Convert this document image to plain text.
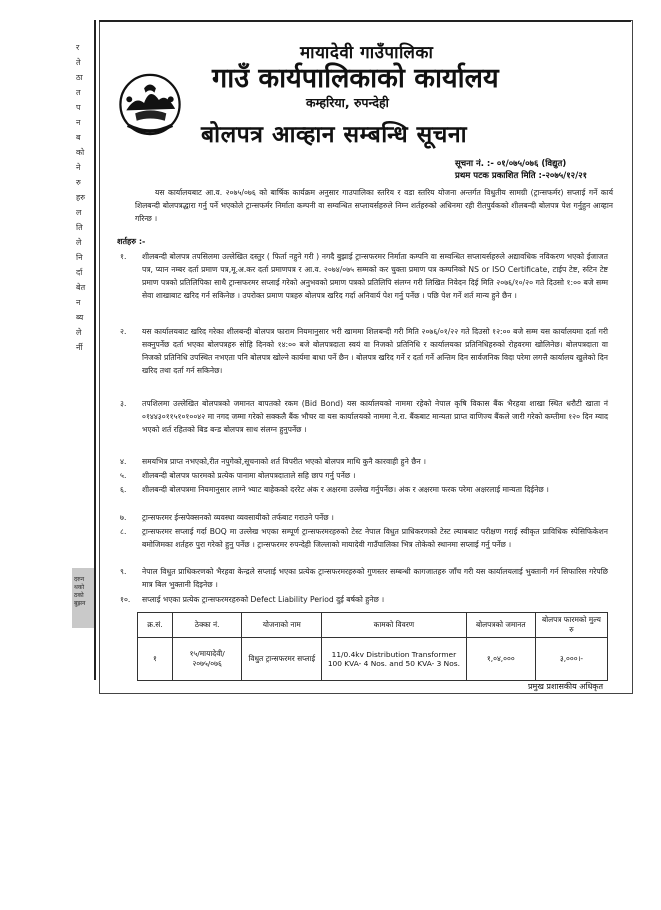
र
ते
ठा
त
प
न
ब
को
ने
रु
हरु
ल
ति
ले
नि
र्दा
बेत
न
ब्य
ले
र्नी
दरुन
थको
ठको
बुझन
मायादेवी गाउँपालिका
गाउँ कार्यपालिकाको कार्यालय
कम्हरिया, रुपन्देही
बोलपत्र आव्हान सम्बन्धि सूचना
सूचना नं. :- ०१/०७५/०७६ (विद्युत)
प्रथम पटक प्रकाशित मिति :-२०७५/१२/२१
यस कार्यालयबाट आ.व. २०७५/०७६ को बार्षिक कार्यक्रम अनुसार गाउपालिका स्तरिय र वडा स्तरिय योजना अन्तर्गत विधुतीय सामग्री (ट्रान्सफर्मर) सप्लाई गर्ने कार्य शिलबन्दी बोलपत्रद्धारा गर्नु पर्ने भएकोले ट्रान्सफर्मर निर्माता कम्पनी वा सम्वन्धित सप्लायर्सहरुले निम्न शर्तहरुको अधिनमा रही रीतपुर्वकको शीलबन्दी बोलपत्र पेश गर्नुहुन आव्हान गरिन्छ ।
शर्तहरु :-
१.	शीलबन्दी बोलपत्र तपसिलमा उल्लेखित दस्तुर ( फिर्ता नहुने गरी ) नगदै बुझाई ट्रान्सफरमर निर्माता कम्पनि वा सम्वन्धित सप्लायर्सहरुले अद्यावधिक नविकरण भएको ईजाजत पत्र, प्यान नम्बर दर्ता प्रमाण पत्र,मू.अ.कर दर्ता प्रमाणपत्र र आ.व. २०७४/०७५ सम्मको कर चुक्ता प्रमाण पत्र कम्पनिको NS or ISO Certificate, टाईप टेष्ट, रुटिन टेष्ट प्रमाण पत्रको प्रतिलिपिका साथै ट्रान्सफरमर सप्लाई गरेको अनुभवको प्रमाण पत्रको प्रतिलिपि संलग्न गरी लिखित निवेदन दिई मिति २०७६/१०/२० गते दिउसो १:०० बजे सम्म सेवा शाखाबाट खरिद गर्न सकिनेछ । उपरोक्त प्रमाण पत्रहरु बोलपत्र खरिद गर्दा अनिवार्य पेश गर्नु पर्नेछ । पछि पेश गर्ने शर्त मान्य हुने छैन ।
२.	यस कार्यालयबाट खरिद गरेका शीलबन्दी बोलपत्र फाराम नियमानुसार भरी खाममा शिलबन्दी गरी मिति २०७६/०१/२२ गते दिउसो १२:०० बजे सम्म यस कार्यालयमा दर्ता गरी सक्नुपर्नेछ दर्ता भएका बोलपत्रहरु सोहि दिनको १४:०० बजे बोलपत्रदाता स्वयं वा निजको प्रतिनिधि र कार्यालयका प्रतिनिधिहरुको रोहवरमा खोलिनेछ। बोलपत्रदाता वा निजको प्रतिनिधि उपस्थित नभएता पनि बोलपत्र खोल्ने कार्यमा बाधा पर्ने छैन । बोलपत्र खरिद गर्ने र दर्ता गर्ने अन्तिम दिन सार्वजनिक विदा परेमा लगत्तै कार्यालय खुलेको दिन खरिद तथा दर्ता गर्न सकिनेछ।
३.	तपशिलमा उल्लेखित बोलपत्रको जमानत बापतको रकम (Bid Bond) यस कार्यालयको नाममा रहेको नेपाल कृषि विकास बैंक भैरहवा शाखा स्थित धरौटी खाता नं ०१४४३०११५१०१००४२ मा नगद जम्मा गरेको सक्कलै बैंक भौचर वा यस कार्यालयको नाममा ने.रा. बैंकबाट मान्यता प्राप्त वाणिज्य बैंकले जारी गरेको कम्तीमा १२० दिन म्याद भएको शर्त रहितको बिड बन्ड बोलपत्र साथ संलग्न हुनुपर्नेछ ।
४.	समयभित्र प्राप्त नभएको,रीत नपुगेको,सूचनाको शर्त विपरीत भएको बोलपत्र माथि कुनै कारवाही हुने छैन ।
५.	शीलबन्दी बोलपत्र फारमको प्रत्येक पानामा बोलपत्रदाताले सहि छाप गर्नु पर्नेछ ।
६.	शीलबन्दी बोलपत्रमा नियमानुसार लाग्ने भ्याट बाहेकको दररेट अंक र अक्षरमा उल्लेख गर्नुपर्नेछ। अंक र अक्षरमा फरक परेमा अक्षरलाई मान्यता दिईनेछ ।
७.	ट्रान्सफरमर ईन्सपेक्सनको व्यवस्था व्यवसायीको तर्फबाट गराउने पर्नेछ ।
८.	ट्रान्सफरमर सप्लाई गर्दा BOQ मा उल्लेख भएका सम्पूर्ण ट्रान्सफरमरहरुको टेस्ट नेपाल विधुत प्राधिकरणको टेस्ट ल्याबबाट परीक्षण गराई स्वीकृत प्राविधिक स्पेसिफिकेशन बमोजिमका शर्तहरु पुरा गरेको हुनु पर्नेछ । ट्रान्सफरमर रुपन्देही जिल्लाको मायादेवी गाउँपालिका भित्र तोकेको स्थानमा सप्लाई गर्नु पर्नेछ ।
९.	नेपाल विधुत प्राधिकरणको भैरहवा केन्द्रले सप्लाई भएका प्रत्येक ट्रान्सफरमरहरुको गुणस्तर सम्बन्धी कागजातहरु जाँच गरी यस कार्यालयलाई भुक्तानी गर्न सिफारिस गरेपछि मात्र बिल भुक्तानी दिइनेछ ।
१०.	सप्लाई भएका प्रत्येक ट्रान्सफरमरहरुको Defect Liability Period दुई बर्षको हुनेछ ।
क्र.सं.	ठेक्का नं.	योजनाको नाम	कामको विवरण	बोलपत्रको जमानत	बोलपत्र फारमको मुल्य रु
१	१५/मायादेवी/२०७५/०७६	विधुत ट्रान्सफरमर सप्लाई	11/0.4kv Distribution Transformer 100 KVA- 4 Nos. and 50 KVA- 3 Nos.	१,०४,०००	३,०००।-
प्रमुख प्रशासकीय अधिकृत
